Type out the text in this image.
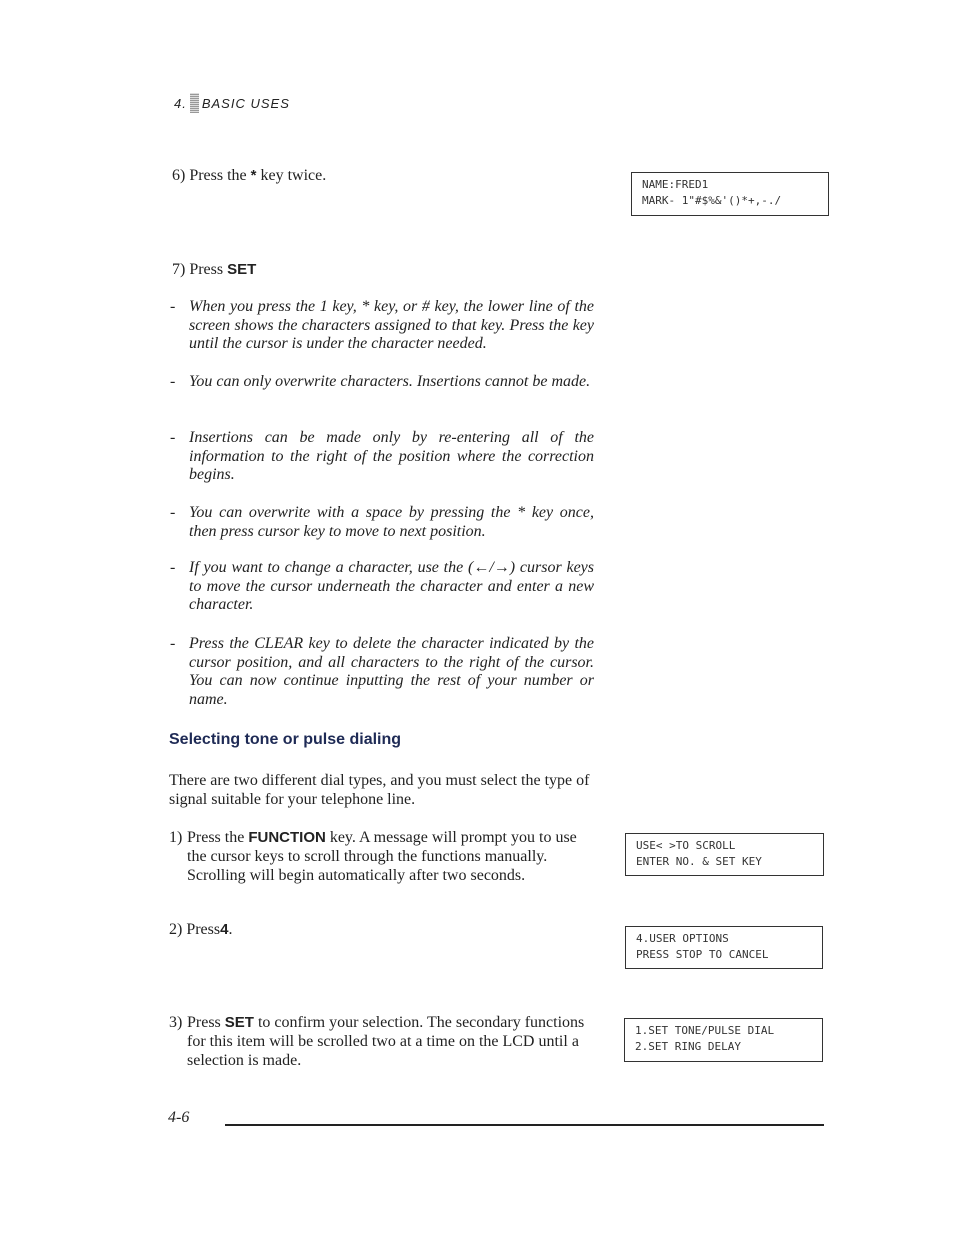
4. BASIC USES
6) Press the * key twice.
NAME:FRED1
MARK- 1"#$%&'()*+,-./
7) Press SET
- When you press the 1 key, * key, or # key, the lower line of the screen shows the characters assigned to that key. Press the key until the cursor is under the character needed.
- You can only overwrite characters. Insertions cannot be made.
- Insertions can be made only by re-entering all of the information to the right of the position where the correction begins.
- You can overwrite with a space by pressing the * key once, then press cursor key to move to next position.
- If you want to change a character, use the (←/→) cursor keys to move the cursor underneath the character and enter a new character.
- Press the CLEAR key to delete the character indicated by the cursor position, and all characters to the right of the cursor. You can now continue inputting the rest of your number or name.
Selecting tone or pulse dialing
There are two different dial types, and you must select the type of signal suitable for your telephone line.
1) Press the FUNCTION key. A message will prompt you to use the cursor keys to scroll through the functions manually. Scrolling will begin automatically after two seconds.
USE< >TO SCROLL
ENTER NO. & SET KEY
2) Press4.
4.USER OPTIONS
PRESS STOP TO CANCEL
3) Press SET to confirm your selection. The secondary functions for this item will be scrolled two at a time on the LCD until a selection is made.
1.SET TONE/PULSE DIAL
2.SET RING DELAY
4-6
